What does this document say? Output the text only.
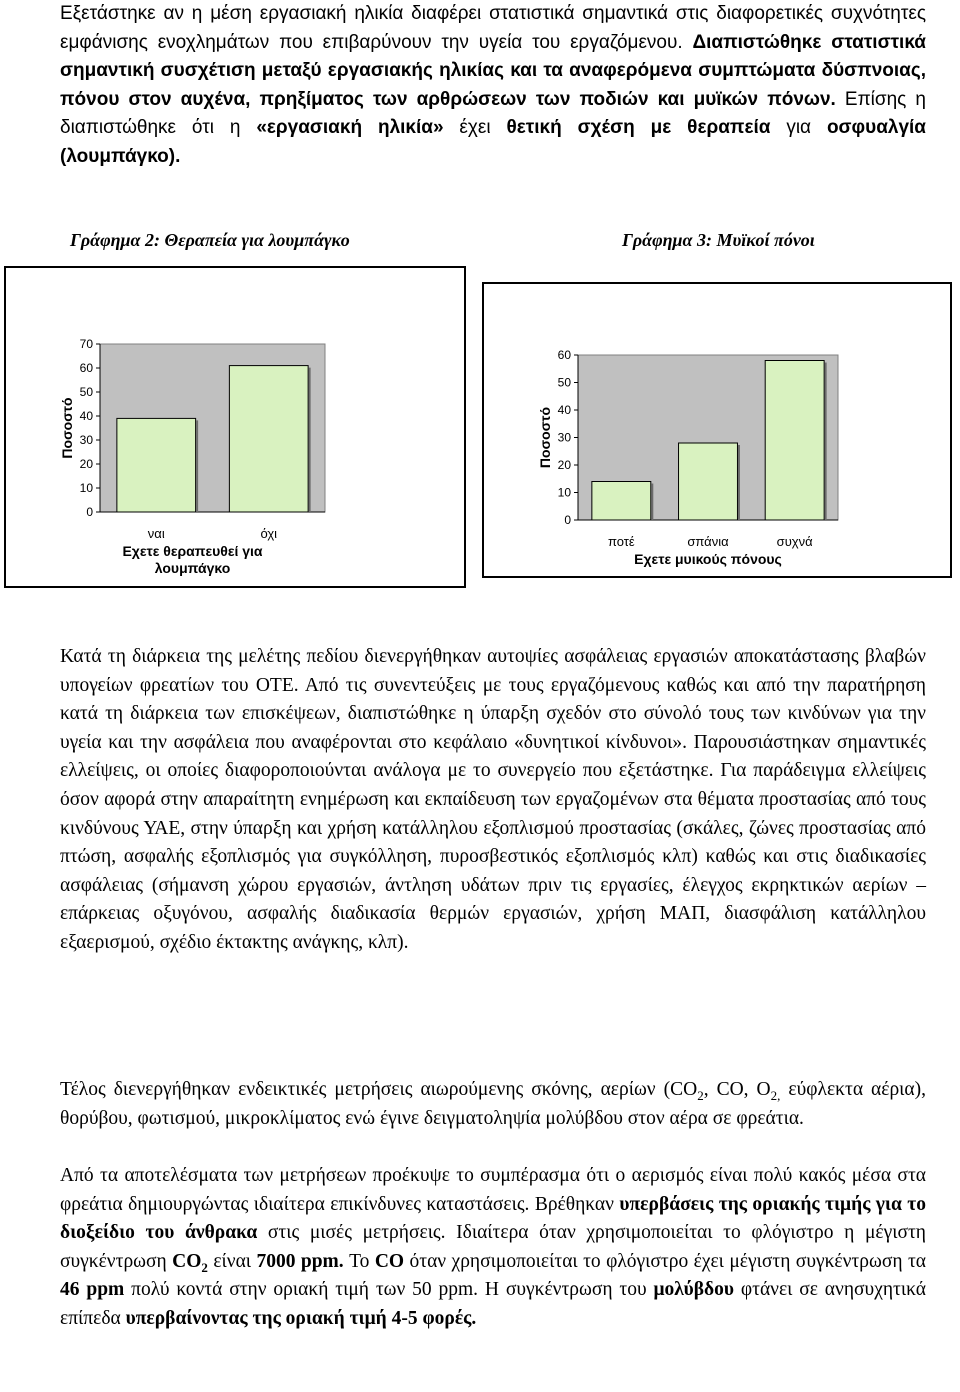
Εξετάστηκε αν η μέση εργασιακή ηλικία διαφέρει στατιστικά σημαντικά στις διαφορετικές συχνότητες εμφάνισης ενοχλημάτων που επιβαρύνουν την υγεία του εργαζόμενου. Διαπιστώθηκε στατιστικά σημαντική συσχέτιση μεταξύ εργασιακής ηλικίας και τα αναφερόμενα συμπτώματα δύσπνοιας, πόνου στον αυχένα, πρηξίματος των αρθρώσεων των ποδιών και μυϊκών πόνων. Επίσης η διαπιστώθηκε ότι η «εργασιακή ηλικία» έχει θετική σχέση με θεραπεία για οσφυαλγία (λουμπάγκο).

Γράφημα 2: Θεραπεία για λουμπάγκο	Γράφημα 3: Μυϊκοί πόνοι

0
10
20
30
40
50
60
70
ναι	όχι
Εχετε θεραπευθεί για
λουμπάγκο
Ποσοστό
0
10
20
30
40
50
60
ποτέ	σπάνια	συχνά
Εχετε μυικούς πόνους
Ποσοστό

Κατά τη διάρκεια της μελέτης πεδίου διενεργήθηκαν αυτοψίες ασφάλειας εργασιών αποκατάστασης βλαβών υπογείων φρεατίων του ΟΤΕ. Από τις συνεντεύξεις με τους εργαζόμενους καθώς και από την παρατήρηση κατά τη διάρκεια των επισκέψεων, διαπιστώθηκε η ύπαρξη σχεδόν στο σύνολό τους των κινδύνων για την υγεία και την ασφάλεια που αναφέρονται στο κεφάλαιο «δυνητικοί κίνδυνοι». Παρουσιάστηκαν σημαντικές ελλείψεις, οι οποίες διαφοροποιούνται ανάλογα με το συνεργείο που εξετάστηκε. Για παράδειγμα ελλείψεις όσον αφορά στην απαραίτητη ενημέρωση και εκπαίδευση των εργαζομένων στα θέματα προστασίας από τους κινδύνους ΥΑΕ, στην ύπαρξη και χρήση κατάλληλου εξοπλισμού προστασίας (σκάλες, ζώνες προστασίας από πτώση, ασφαλής εξοπλισμός για συγκόλληση, πυροσβεστικός εξοπλισμός κλπ) καθώς και στις διαδικασίες ασφάλειας (σήμανση χώρου εργασιών, άντληση υδάτων πριν τις εργασίες, έλεγχος εκρηκτικών αερίων – επάρκειας οξυγόνου, ασφαλής διαδικασία θερμών εργασιών, χρήση ΜΑΠ, διασφάλιση κατάλληλου εξαερισμού, σχέδιο έκτακτης ανάγκης, κλπ).

Τέλος διενεργήθηκαν ενδεικτικές μετρήσεις αιωρούμενης σκόνης, αερίων ($CO_2$, CO, $O_{2,}$ εύφλεκτα αέρια), θορύβου, φωτισμού, μικροκλίματος ενώ έγινε δειγματοληψία μολύβδου στον αέρα σε φρεάτια.

Από τα αποτελέσματα των μετρήσεων προέκυψε το συμπέρασμα ότι ο αερισμός είναι πολύ κακός μέσα στα φρεάτια δημιουργώντας ιδιαίτερα επικίνδυνες καταστάσεις. Βρέθηκαν υπερβάσεις της οριακής τιμής για το διοξείδιο του άνθρακα στις μισές μετρήσεις. Ιδιαίτερα όταν χρησιμοποιείται το φλόγιστρο η μέγιστη συγκέντρωση $CO_2$ είναι 7000 ppm. Το CO όταν χρησιμοποιείται το φλόγιστρο έχει μέγιστη συγκέντρωση τα 46 ppm πολύ κοντά στην οριακή τιμή των 50 ppm. Η συγκέντρωση του μολύβδου φτάνει σε ανησυχητικά επίπεδα υπερβαίνοντας της οριακή τιμή 4-5 φορές.
